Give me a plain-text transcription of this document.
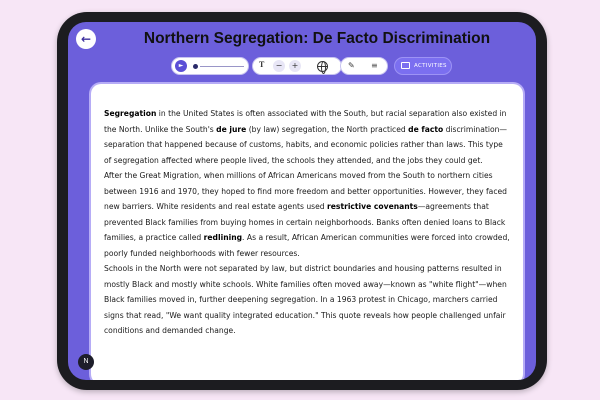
←	Northern Segregation: De Facto Discrimination
►	T	−	+	✎ ≡	ACTIVITIES

Segregation in the United States is often associated with the South, but racial separation also existed in the North. Unlike the South's de jure (by law) segregation, the North practiced de facto discrimination—separation that happened because of customs, habits, and economic policies rather than laws. This type of segregation affected where people lived, the schools they attended, and the jobs they could get.

After the Great Migration, when millions of African Americans moved from the South to northern cities between 1916 and 1970, they hoped to find more freedom and better opportunities. However, they faced new barriers. White residents and real estate agents used restrictive covenants—agreements that prevented Black families from buying homes in certain neighborhoods. Banks often denied loans to Black families, a practice called redlining. As a result, African American communities were forced into crowded, poorly funded neighborhoods with fewer resources.

Schools in the North were not separated by law, but district boundaries and housing patterns resulted in mostly Black and mostly white schools. White families often moved away—known as "white flight"—when Black families moved in, further deepening segregation. In a 1963 protest in Chicago, marchers carried signs that read, "We want quality integrated education." This quote reveals how people challenged unfair conditions and demanded change.

N
